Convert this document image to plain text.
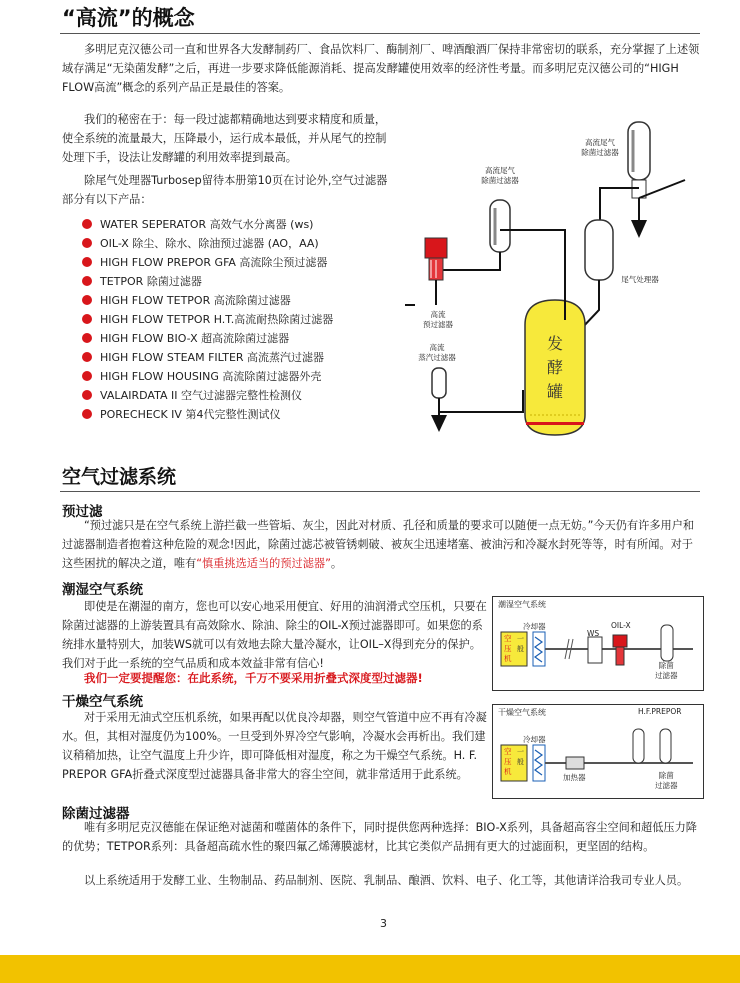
“高流”的概念
多明尼克汉德公司一直和世界各大发酵制药厂、食品饮料厂、酶制剂厂、啤酒酿酒厂保持非常密切的联系，充分掌握了上述领域存满足“无染菌发酵”之后，再进一步要求降低能源消耗、提高发酵罐使用效率的经济性考量。而多明尼克汉德公司的“HIGH FLOW高流”概念的系列产品正是最佳的答案。
我们的秘密在于：每一段过滤都精确地达到要求精度和质量，使全系统的流量最大，压降最小，运行成本最低，并从尾气的控制处理下手，设法让发酵罐的利用效率提到最高。
除尾气处理器Turbosep留待本册第10页在讨论外,空气过滤器部分有以下产品：
WATER SEPERATOR 高效气水分离器 (ws)
OIL-X 除尘、除水、除油预过滤器 (AO，AA)
HIGH FLOW PREPOR GFA 高流除尘预过滤器
TETPOR 除菌过滤器
HIGH FLOW TETPOR 高流除菌过滤器
HIGH FLOW TETPOR H.T.高流耐热除菌过滤器
HIGH FLOW BIO-X 超高流除菌过滤器
HIGH FLOW STEAM FILTER 高流蒸汽过滤器
HIGH FLOW HOUSING 高流除菌过滤器外壳
VALAIRDATA II 空气过滤器完整性检测仪
PORECHECK IV 第4代完整性测试仪
高流尾气
除菌过滤器
高流尾气
除菌过滤器
高流
预过滤器
高流
蒸汽过滤器
尾气处理器
发
酵
罐
空气过滤系统
预过滤
“预过滤只是在空气系统上游拦截一些管垢、灰尘，因此对材质、孔径和质量的要求可以随便一点无妨。”今天仍有许多用户和过滤器制造者抱着这种危险的观念!因此，除菌过滤芯被管锈刺破、被灰尘迅速堵塞、被油污和冷凝水封死等等，时有所闻。对于这些困扰的解决之道，唯有“慎重挑选适当的预过滤器”。
潮湿空气系统
即使是在潮湿的南方，您也可以安心地采用便宜、好用的油润滑式空压机，只要在除菌过滤器的上游装置具有高效除水、除油、除尘的OIL-X预过滤器即可。如果您的系统排水量特别大，加装WS就可以有效地去除大量冷凝水，让OIL–X得到充分的保护。我们对于此一系统的空气品质和成本效益非常有信心!
我们一定要提醒您：在此系统，千万不要采用折叠式深度型过滤器!
干燥空气系统
对于采用无油式空压机系统，如果再配以优良冷却器，则空气管道中应不再有冷凝水。但，其相对湿度仍为100%。一旦受到外界冷空气影响，冷凝水会再析出。我们建议稍稍加热，让空气温度上升少许，即可降低相对湿度，称之为干燥空气系统。H. F. PREPOR GFA折叠式深度型过滤器具备非常大的容尘空间，就非常适用于此系统。
除菌过滤器
唯有多明尼克汉德能在保证绝对滤菌和噬菌体的条件下，同时提供您两种选择：BIO-X系列，具备超高容尘空间和超低压力降的优势；TETPOR系列：具备超高疏水性的聚四氟乙烯薄膜滤材，比其它类似产品拥有更大的过滤面积，更坚固的结构。
以上系统适用于发酵工业、生物制品、药品制剂、医院、乳制品、酿酒、饮料、电子、化工等，其他请详洽我司专业人员。
潮湿空气系统
空
压
机
一
般
冷却器
WS
OIL-X
除菌
过滤器
干燥空气系统
空
压
机
一
般
冷却器
H.F.PREPOR
加热器	除菌
过滤器
3
